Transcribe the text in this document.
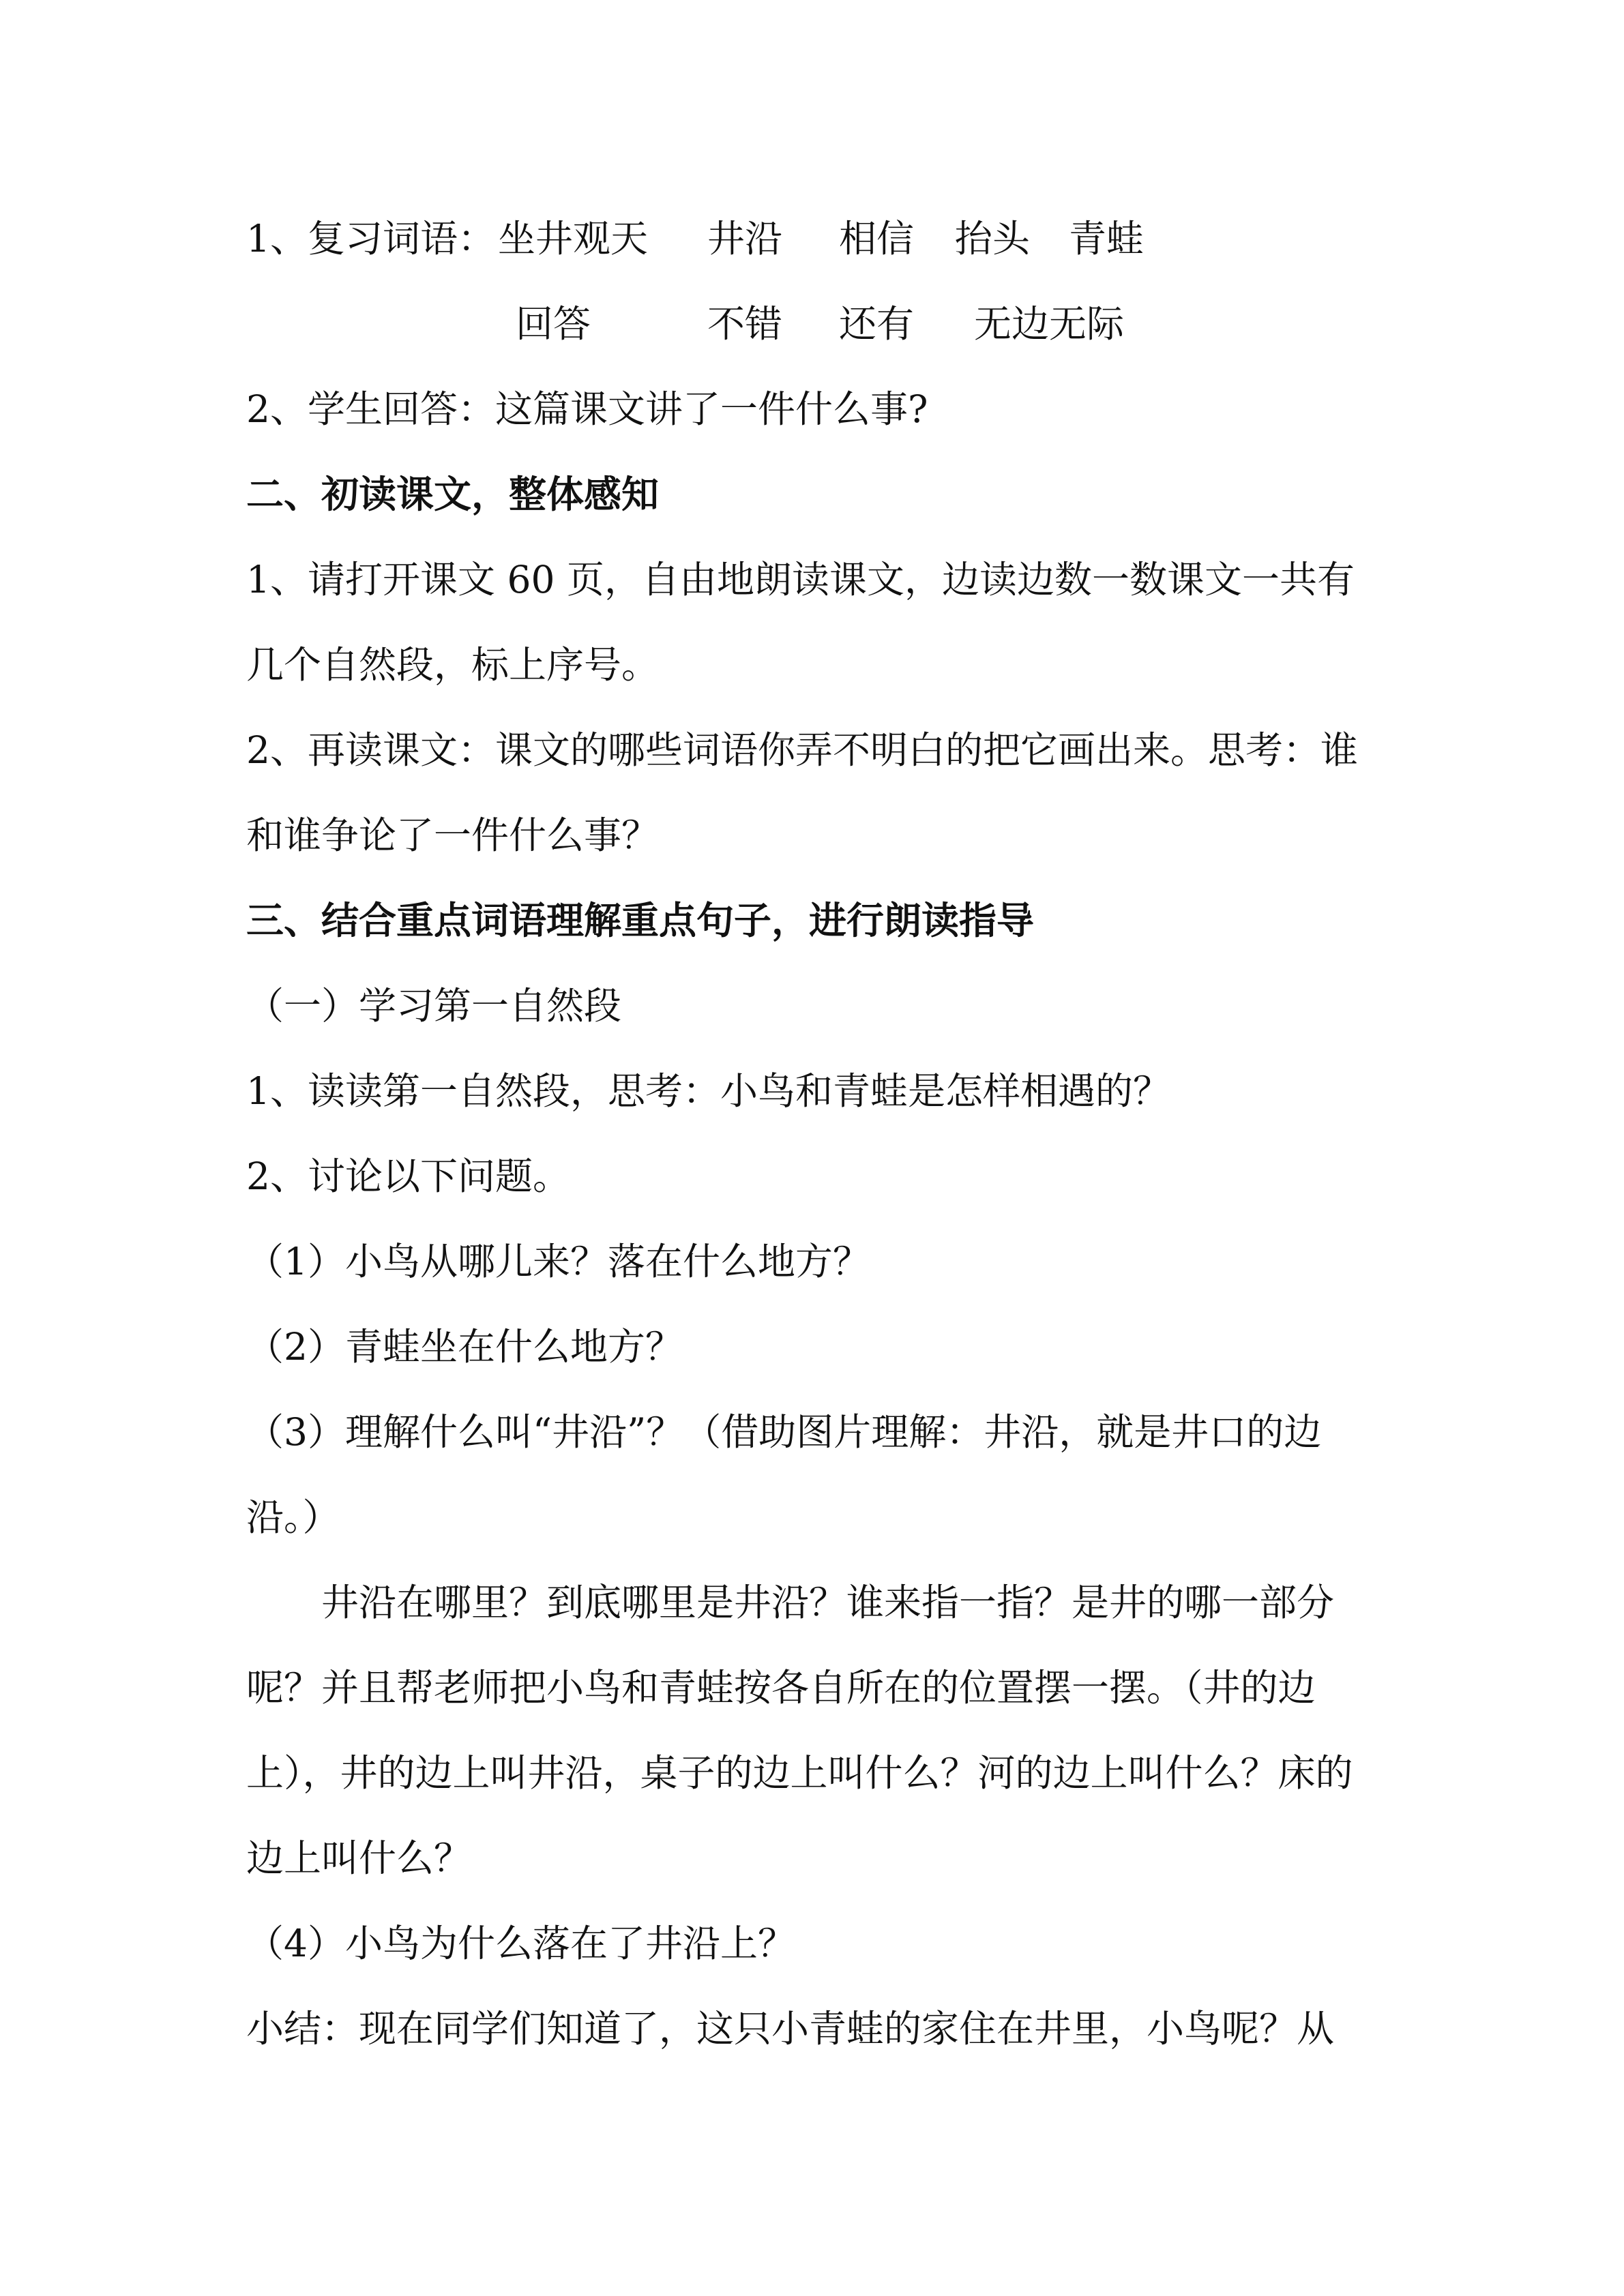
1、复习词语： 坐井观天 井沿 相信 抬头 青蛙
回答	不错 还有 无边无际
2、学生回答：这篇课文讲了一件什么事?
二、初读课文，整体感知
1、请打开课文 60 页，自由地朗读课文，边读边数一数课文一共有
几个自然段，标上序号。
2、再读课文：课文的哪些词语你弄不明白的把它画出来。思考：谁
和谁争论了一件什么事？
三、结合重点词语理解重点句子，进行朗读指导
（一）学习第一自然段
1、读读第一自然段，思考：小鸟和青蛙是怎样相遇的？
2、讨论以下问题。
（1）小鸟从哪儿来？落在什么地方？
（2）青蛙坐在什么地方？
（3）理解什么叫“井沿”？（借助图片理解：井沿，就是井口的边
沿。）
井沿在哪里？到底哪里是井沿？谁来指一指？是井的哪一部分
呢？并且帮老师把小鸟和青蛙按各自所在的位置摆一摆。（井的边
上），井的边上叫井沿，桌子的边上叫什么？河的边上叫什么？床的
边上叫什么？
（4）小鸟为什么落在了井沿上？
小结：现在同学们知道了，这只小青蛙的家住在井里，小鸟呢？从
